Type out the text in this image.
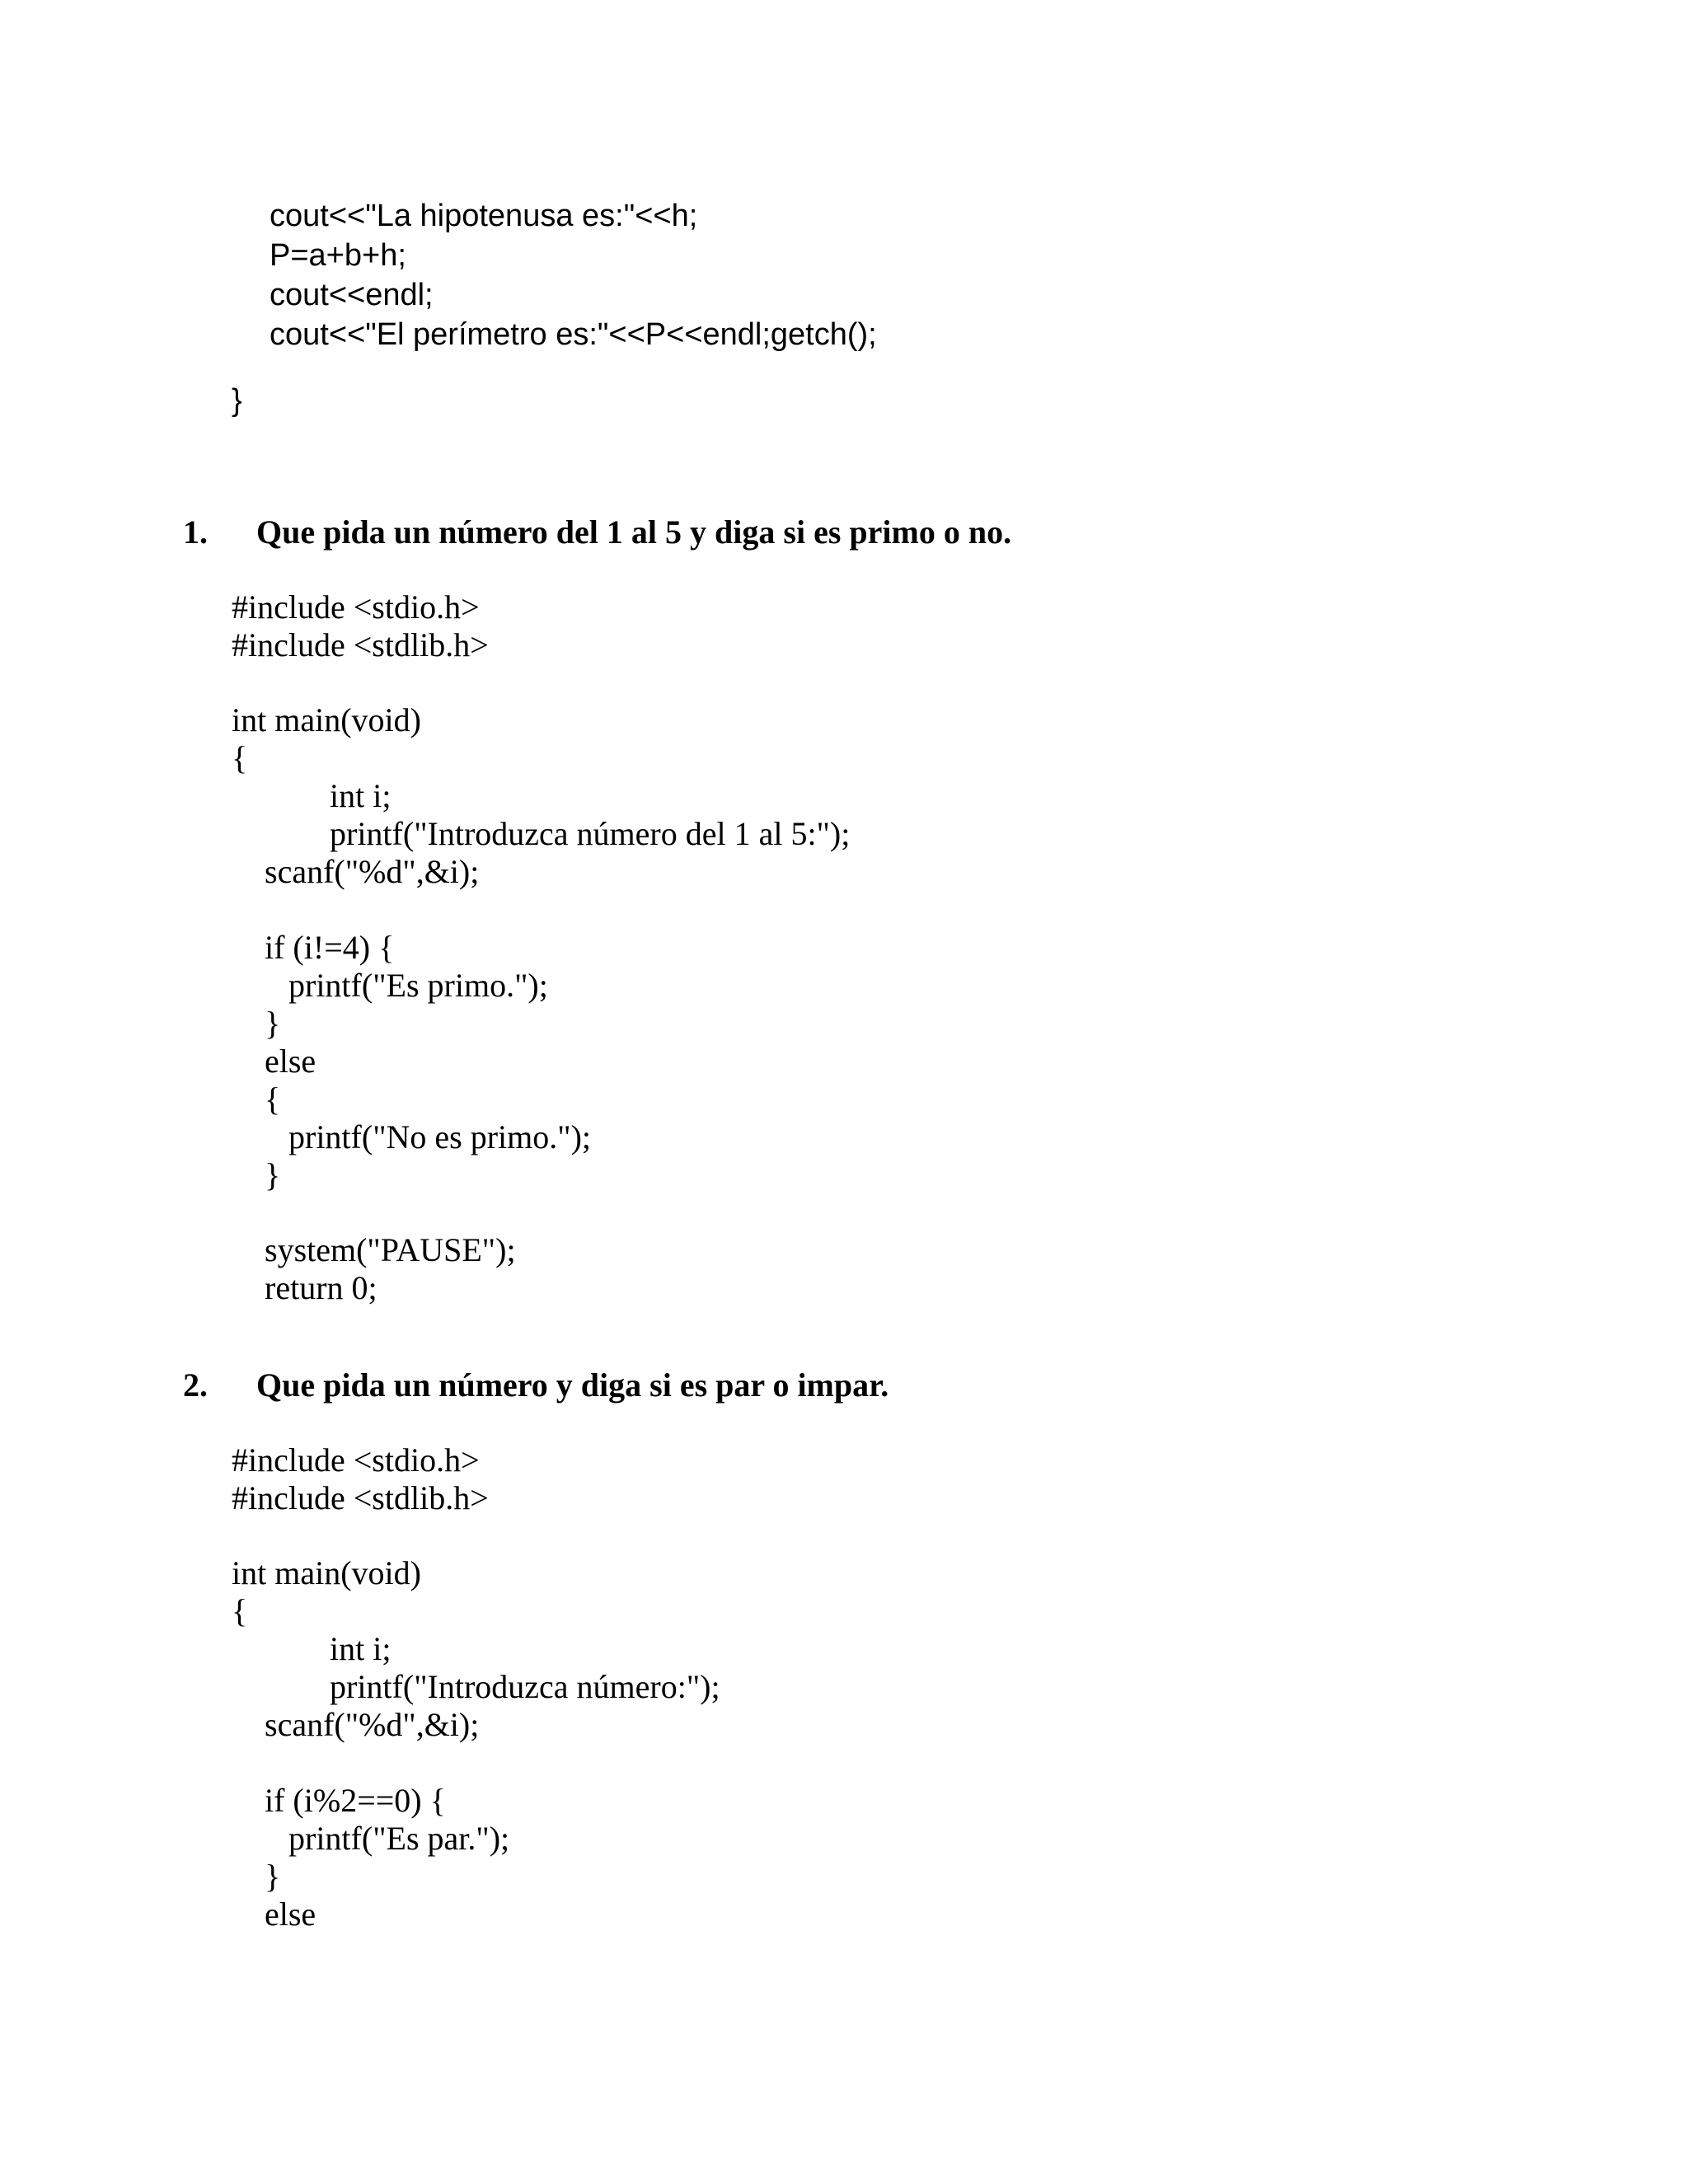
cout<<"La hipotenusa es:"<<h;
P=a+b+h;
cout<<endl;
cout<<"El perímetro es:"<<P<<endl;getch();
}
1. Que pida un número del 1 al 5 y diga si es primo o no.
#include <stdio.h>
#include <stdlib.h>
int main(void)
{
int i;
printf("Introduzca número del 1 al 5:");
scanf("%d",&i);
if (i!=4) {
printf("Es primo.");
}
else
{
printf("No es primo.");
}
system("PAUSE");
return 0;
2. Que pida un número y diga si es par o impar.
#include <stdio.h>
#include <stdlib.h>
int main(void)
{
int i;
printf("Introduzca número:");
scanf("%d",&i);
if (i%2==0) {
printf("Es par.");
}
else
